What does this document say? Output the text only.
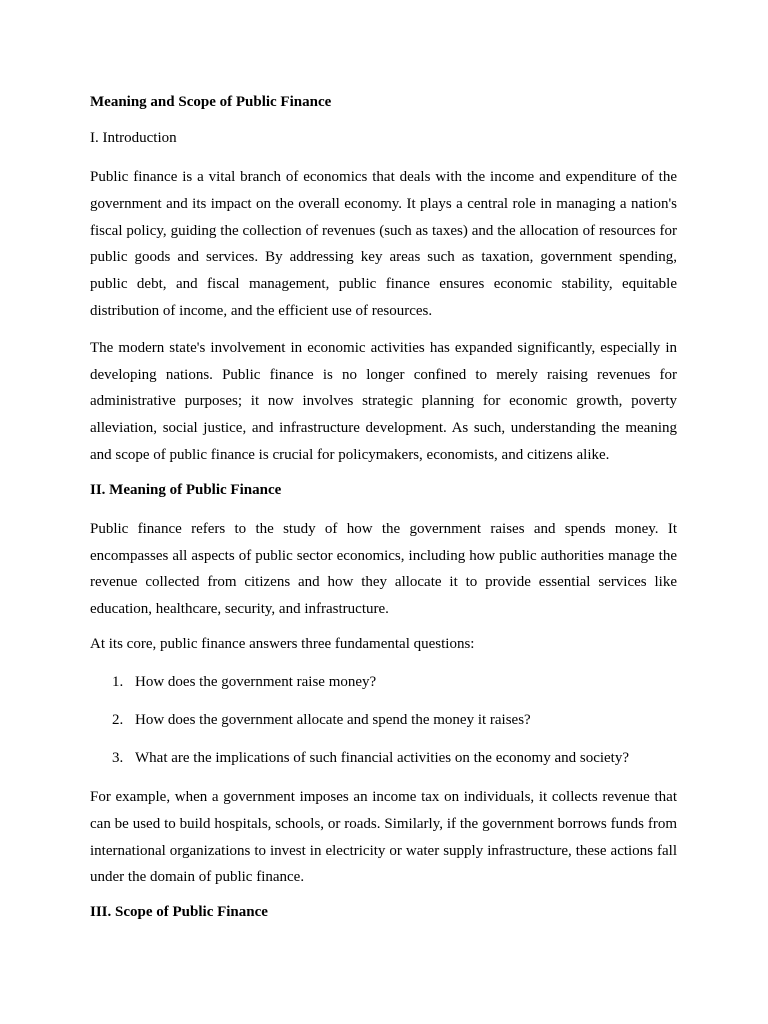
Meaning and Scope of Public Finance
I. Introduction

Public finance is a vital branch of economics that deals with the income and expenditure of the government and its impact on the overall economy. It plays a central role in managing a nation's fiscal policy, guiding the collection of revenues (such as taxes) and the allocation of resources for public goods and services. By addressing key areas such as taxation, government spending, public debt, and fiscal management, public finance ensures economic stability, equitable distribution of income, and the efficient use of resources.

The modern state's involvement in economic activities has expanded significantly, especially in developing nations. Public finance is no longer confined to merely raising revenues for administrative purposes; it now involves strategic planning for economic growth, poverty alleviation, social justice, and infrastructure development. As such, understanding the meaning and scope of public finance is crucial for policymakers, economists, and citizens alike.

II. Meaning of Public Finance

Public finance refers to the study of how the government raises and spends money. It encompasses all aspects of public sector economics, including how public authorities manage the revenue collected from citizens and how they allocate it to provide essential services like education, healthcare, security, and infrastructure.

At its core, public finance answers three fundamental questions:

1. How does the government raise money?
2. How does the government allocate and spend the money it raises?
3. What are the implications of such financial activities on the economy and society?

For example, when a government imposes an income tax on individuals, it collects revenue that can be used to build hospitals, schools, or roads. Similarly, if the government borrows funds from international organizations to invest in electricity or water supply infrastructure, these actions fall under the domain of public finance.

III. Scope of Public Finance
